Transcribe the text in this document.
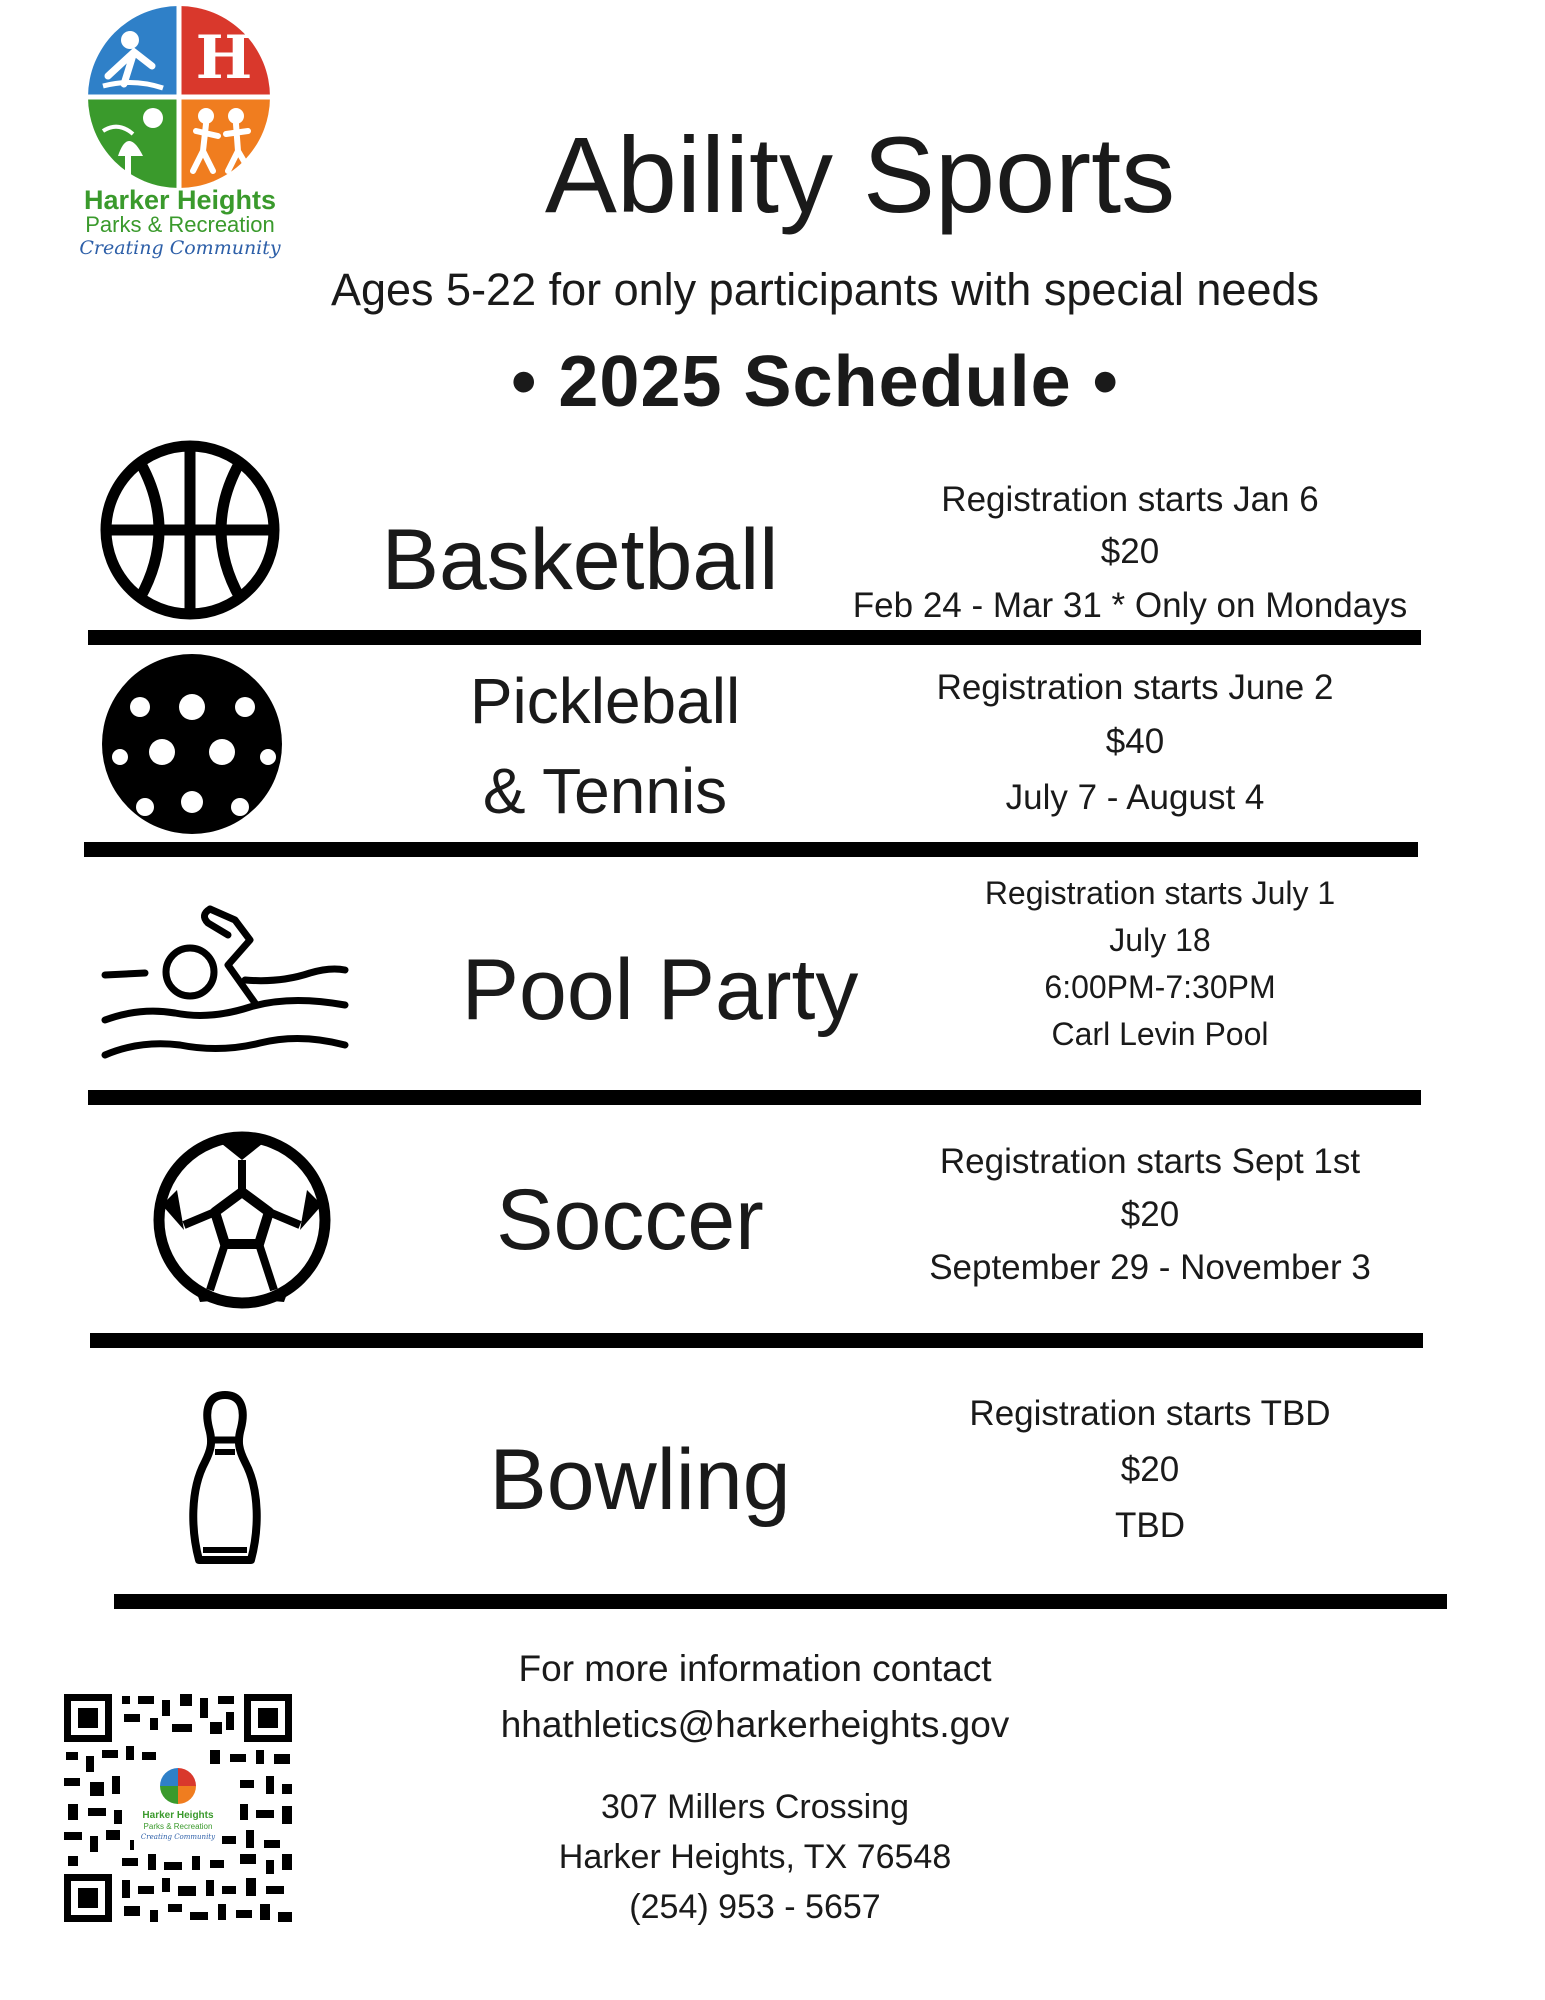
H
Harker Heights
Parks & Recreation
Creating Community
Ability Sports
Ages 5-22 for only participants with special needs
• 2025 Schedule •
Basketball
Registration starts Jan 6
$20
Feb 24 - Mar 31 * Only on Mondays
Pickleball
& Tennis
Registration starts June 2
$40
July 7 - August 4
Pool Party
Registration starts July 1
July 18
6:00PM-7:30PM
Carl Levin Pool
Soccer
Registration starts Sept 1st
$20
September 29 - November 3
Bowling
Registration starts TBD
$20
TBD
For more information contact
hhathletics@harkerheights.gov
307 Millers Crossing
Harker Heights, TX 76548
(254) 953 - 5657
Harker Heights
Parks & Recreation
Creating Community
